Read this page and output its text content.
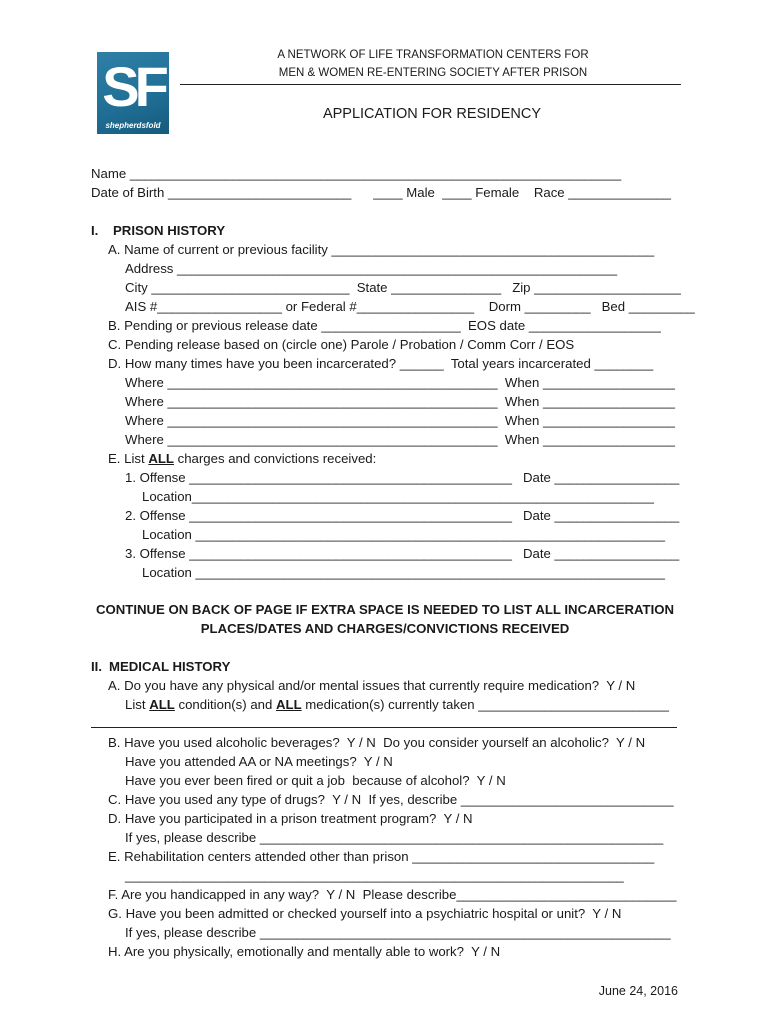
SF
shepherdsfold
A NETWORK OF LIFE TRANSFORMATION CENTERS FOR
MEN & WOMEN RE-ENTERING SOCIETY AFTER PRISON
APPLICATION FOR RESIDENCY
Name ___________________________________________________________________
Date of Birth _________________________      ____ Male  ____ Female    Race ______________
I. PRISON HISTORY
A. Name of current or previous facility ____________________________________________
Address ____________________________________________________________
City ___________________________  State _______________   Zip ____________________
AIS #_________________ or Federal #________________    Dorm _________   Bed _________
B. Pending or previous release date ___________________  EOS date __________________
C. Pending release based on (circle one) Parole / Probation / Comm Corr / EOS
D. How many times have you been incarcerated? ______  Total years incarcerated ________
Where _____________________________________________  When __________________
Where _____________________________________________  When __________________
Where _____________________________________________  When __________________
Where _____________________________________________  When __________________
E. List ALL charges and convictions received:
1. Offense ____________________________________________   Date _________________
Location_______________________________________________________________
2. Offense ____________________________________________   Date _________________
Location ________________________________________________________________
3. Offense ____________________________________________   Date _________________
Location ________________________________________________________________
CONTINUE ON BACK OF PAGE IF EXTRA SPACE IS NEEDED TO LIST ALL INCARCERATION
PLACES/DATES AND CHARGES/CONVICTIONS RECEIVED
II. MEDICAL HISTORY
A. Do you have any physical and/or mental issues that currently require medication?  Y / N
List ALL condition(s) and ALL medication(s) currently taken __________________________
B. Have you used alcoholic beverages?  Y / N  Do you consider yourself an alcoholic?  Y / N
Have you attended AA or NA meetings?  Y / N
Have you ever been fired or quit a job  because of alcohol?  Y / N
C. Have you used any type of drugs?  Y / N  If yes, describe _____________________________
D. Have you participated in a prison treatment program?  Y / N
If yes, please describe _______________________________________________________
E. Rehabilitation centers attended other than prison _________________________________
____________________________________________________________________
F. Are you handicapped in any way?  Y / N  Please describe______________________________
G. Have you been admitted or checked yourself into a psychiatric hospital or unit?  Y / N
If yes, please describe ________________________________________________________
H. Are you physically, emotionally and mentally able to work?  Y / N
June 24, 2016
